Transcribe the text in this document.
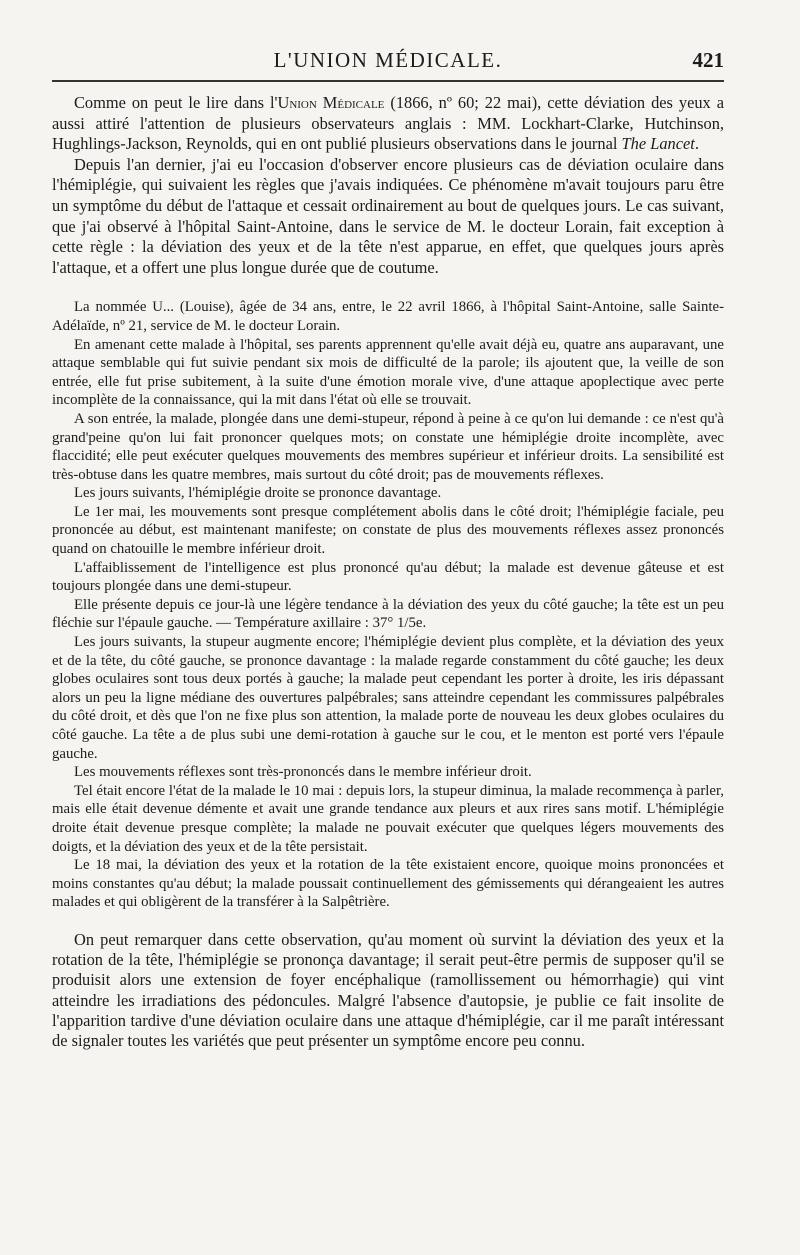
L'UNION MÉDICALE.	421

Comme on peut le lire dans l'Union Médicale (1866, nº 60; 22 mai), cette déviation des yeux a aussi attiré l'attention de plusieurs observateurs anglais : MM. Lockhart-Clarke, Hutchinson, Hughlings-Jackson, Reynolds, qui en ont publié plusieurs observations dans le journal The Lancet.

Depuis l'an dernier, j'ai eu l'occasion d'observer encore plusieurs cas de déviation oculaire dans l'hémiplégie, qui suivaient les règles que j'avais indiquées. Ce phénomène m'avait toujours paru être un symptôme du début de l'attaque et cessait ordinairement au bout de quelques jours. Le cas suivant, que j'ai observé à l'hôpital Saint-Antoine, dans le service de M. le docteur Lorain, fait exception à cette règle : la déviation des yeux et de la tête n'est apparue, en effet, que quelques jours après l'attaque, et a offert une plus longue durée que de coutume.

La nommée U... (Louise), âgée de 34 ans, entre, le 22 avril 1866, à l'hôpital Saint-Antoine, salle Sainte-Adélaïde, nº 21, service de M. le docteur Lorain.

En amenant cette malade à l'hôpital, ses parents apprennent qu'elle avait déjà eu, quatre ans auparavant, une attaque semblable qui fut suivie pendant six mois de difficulté de la parole; ils ajoutent que, la veille de son entrée, elle fut prise subitement, à la suite d'une émotion morale vive, d'une attaque apoplectique avec perte incomplète de la connaissance, qui la mit dans l'état où elle se trouvait.

A son entrée, la malade, plongée dans une demi-stupeur, répond à peine à ce qu'on lui demande : ce n'est qu'à grand'peine qu'on lui fait prononcer quelques mots; on constate une hémiplégie droite incomplète, avec flaccidité; elle peut exécuter quelques mouvements des membres supérieur et inférieur droits. La sensibilité est très-obtuse dans les quatre membres, mais surtout du côté droit; pas de mouvements réflexes.

Les jours suivants, l'hémiplégie droite se prononce davantage.

Le 1er mai, les mouvements sont presque complétement abolis dans le côté droit; l'hémiplégie faciale, peu prononcée au début, est maintenant manifeste; on constate de plus des mouvements réflexes assez prononcés quand on chatouille le membre inférieur droit.

L'affaiblissement de l'intelligence est plus prononcé qu'au début; la malade est devenue gâteuse et est toujours plongée dans une demi-stupeur.

Elle présente depuis ce jour-là une légère tendance à la déviation des yeux du côté gauche; la tête est un peu fléchie sur l'épaule gauche. — Température axillaire : 37° 1/5e.

Les jours suivants, la stupeur augmente encore; l'hémiplégie devient plus complète, et la déviation des yeux et de la tête, du côté gauche, se prononce davantage : la malade regarde constamment du côté gauche; les deux globes oculaires sont tous deux portés à gauche; la malade peut cependant les porter à droite, les iris dépassant alors un peu la ligne médiane des ouvertures palpébrales; sans atteindre cependant les commissures palpébrales du côté droit, et dès que l'on ne fixe plus son attention, la malade porte de nouveau les deux globes oculaires du côté gauche. La tête a de plus subi une demi-rotation à gauche sur le cou, et le menton est porté vers l'épaule gauche.

Les mouvements réflexes sont très-prononcés dans le membre inférieur droit.

Tel était encore l'état de la malade le 10 mai : depuis lors, la stupeur diminua, la malade recommença à parler, mais elle était devenue démente et avait une grande tendance aux pleurs et aux rires sans motif. L'hémiplégie droite était devenue presque complète; la malade ne pouvait exécuter que quelques légers mouvements des doigts, et la déviation des yeux et de la tête persistait.

Le 18 mai, la déviation des yeux et la rotation de la tête existaient encore, quoique moins prononcées et moins constantes qu'au début; la malade poussait continuellement des gémissements qui dérangeaient les autres malades et qui obligèrent de la transférer à la Salpêtrière.

On peut remarquer dans cette observation, qu'au moment où survint la déviation des yeux et la rotation de la tête, l'hémiplégie se prononça davantage; il serait peut-être permis de supposer qu'il se produisit alors une extension de foyer encéphalique (ramollissement ou hémorrhagie) qui vint atteindre les irradiations des pédoncules. Malgré l'absence d'autopsie, je publie ce fait insolite de l'apparition tardive d'une déviation oculaire dans une attaque d'hémiplégie, car il me paraît intéressant de signaler toutes les variétés que peut présenter un symptôme encore peu connu.
